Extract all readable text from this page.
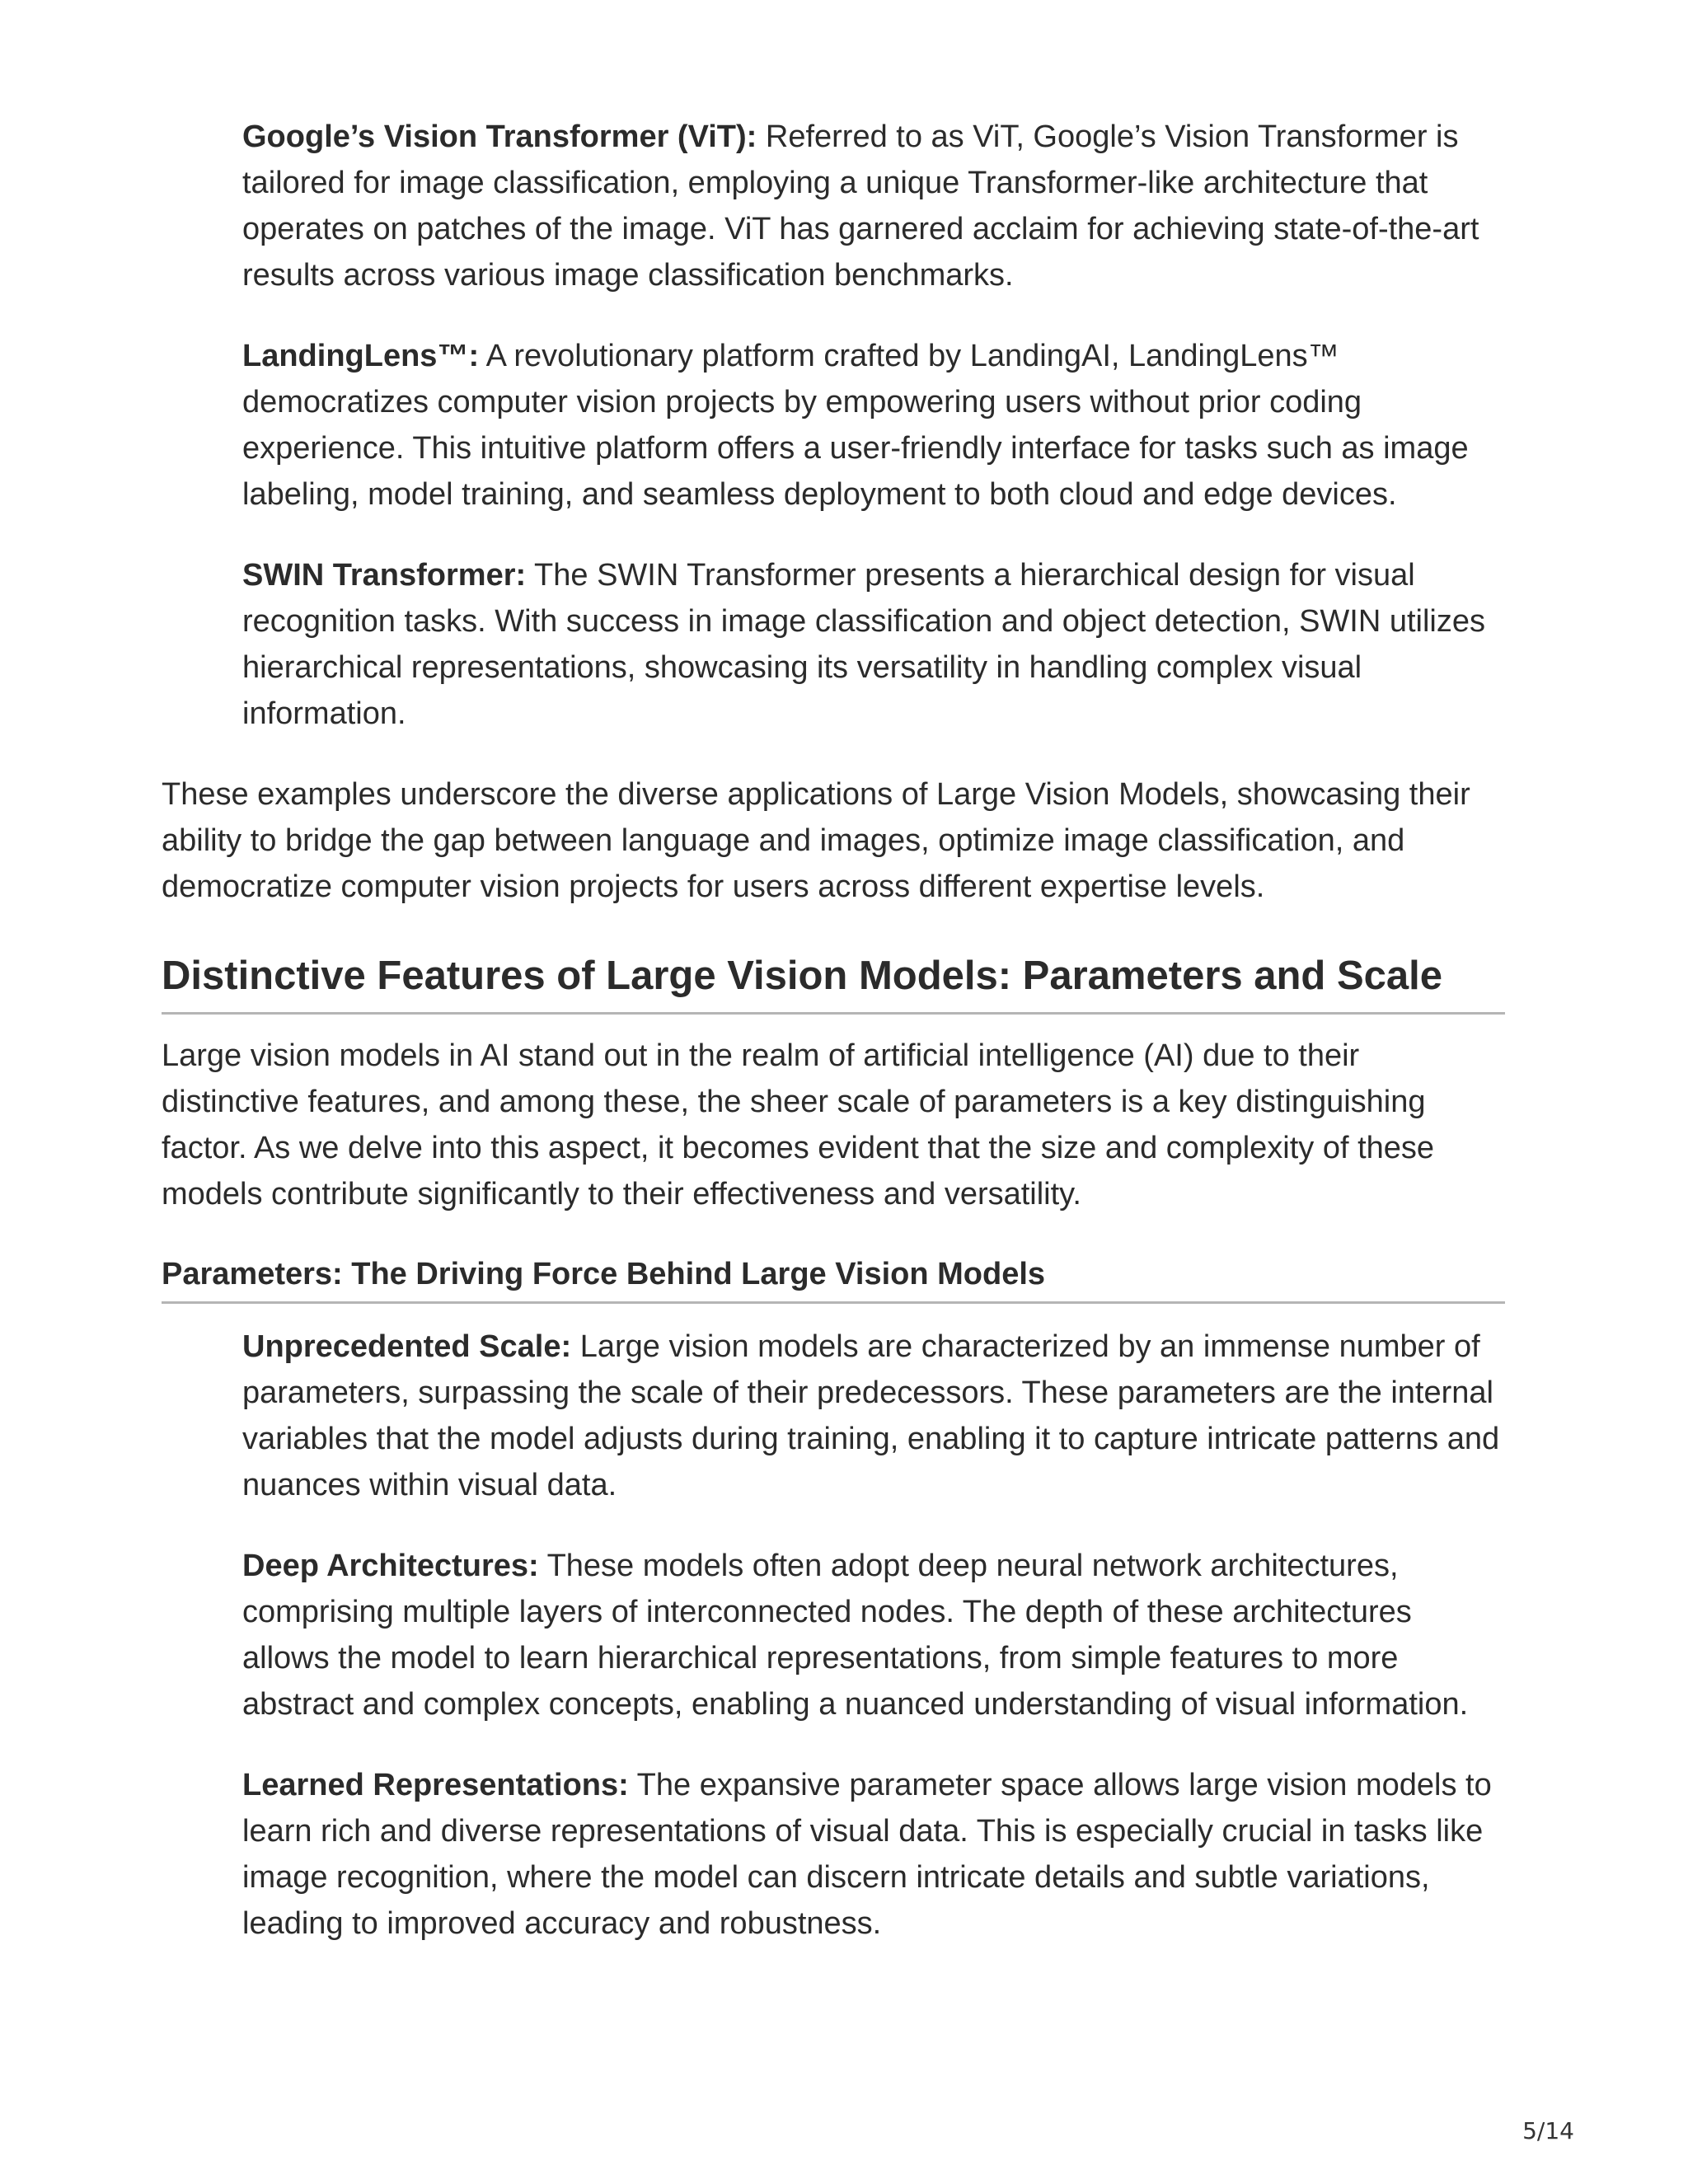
Google’s Vision Transformer (ViT): Referred to as ViT, Google’s Vision Transformer is tailored for image classification, employing a unique Transformer-like architecture that operates on patches of the image. ViT has garnered acclaim for achieving state-of-the-art results across various image classification benchmarks.
LandingLens™: A revolutionary platform crafted by LandingAI, LandingLens™ democratizes computer vision projects by empowering users without prior coding experience. This intuitive platform offers a user-friendly interface for tasks such as image labeling, model training, and seamless deployment to both cloud and edge devices.
SWIN Transformer: The SWIN Transformer presents a hierarchical design for visual recognition tasks. With success in image classification and object detection, SWIN utilizes hierarchical representations, showcasing its versatility in handling complex visual information.
These examples underscore the diverse applications of Large Vision Models, showcasing their ability to bridge the gap between language and images, optimize image classification, and democratize computer vision projects for users across different expertise levels.
Distinctive Features of Large Vision Models: Parameters and Scale
Large vision models in AI stand out in the realm of artificial intelligence (AI) due to their distinctive features, and among these, the sheer scale of parameters is a key distinguishing factor. As we delve into this aspect, it becomes evident that the size and complexity of these models contribute significantly to their effectiveness and versatility.
Parameters: The Driving Force Behind Large Vision Models
Unprecedented Scale: Large vision models are characterized by an immense number of parameters, surpassing the scale of their predecessors. These parameters are the internal variables that the model adjusts during training, enabling it to capture intricate patterns and nuances within visual data.
Deep Architectures: These models often adopt deep neural network architectures, comprising multiple layers of interconnected nodes. The depth of these architectures allows the model to learn hierarchical representations, from simple features to more abstract and complex concepts, enabling a nuanced understanding of visual information.
Learned Representations: The expansive parameter space allows large vision models to learn rich and diverse representations of visual data. This is especially crucial in tasks like image recognition, where the model can discern intricate details and subtle variations, leading to improved accuracy and robustness.
5/14
